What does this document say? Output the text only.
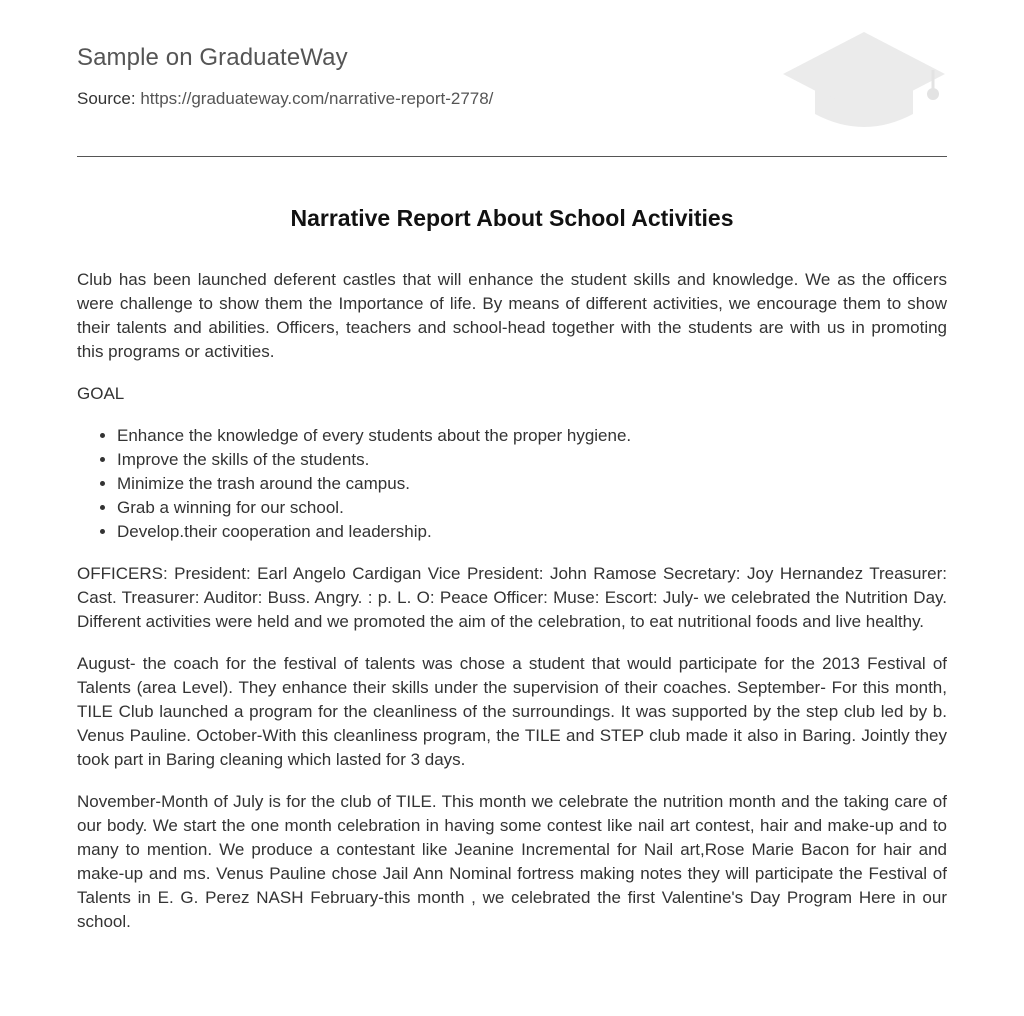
Sample on GraduateWay
Source: https://graduateway.com/narrative-report-2778/
Narrative Report About School Activities

Club has been launched deferent castles that will enhance the student skills and knowledge. We as the officers were challenge to show them the Importance of life. By means of different activities, we encourage them to show their talents and abilities. Officers, teachers and school-head together with the students are with us in promoting this programs or activities.

GOAL

• Enhance the knowledge of every students about the proper hygiene.
• Improve the skills of the students.
• Minimize the trash around the campus.
• Grab a winning for our school.
• Develop.their cooperation and leadership.

OFFICERS: President: Earl Angelo Cardigan Vice President: John Ramose Secretary: Joy Hernandez Treasurer: Cast. Treasurer: Auditor: Buss. Angry. : p. L. O: Peace Officer: Muse: Escort: July- we celebrated the Nutrition Day. Different activities were held and we promoted the aim of the celebration, to eat nutritional foods and live healthy.

August- the coach for the festival of talents was chose a student that would participate for the 2013 Festival of Talents (area Level). They enhance their skills under the supervision of their coaches. September- For this month, TILE Club launched a program for the cleanliness of the surroundings. It was supported by the step club led by b. Venus Pauline. October-With this cleanliness program, the TILE and STEP club made it also in Baring. Jointly they took part in Baring cleaning which lasted for 3 days.

November-Month of July is for the club of TILE. This month we celebrate the nutrition month and the taking care of our body. We start the one month celebration in having some contest like nail art contest, hair and make-up and to many to mention. We produce a contestant like Jeanine Incremental for Nail art,Rose Marie Bacon for hair and make-up and ms. Venus Pauline chose Jail Ann Nominal fortress making notes they will participate the Festival of Talents in E. G. Perez NASH February-this month , we celebrated the first Valentine's Day Program Here in our school.
